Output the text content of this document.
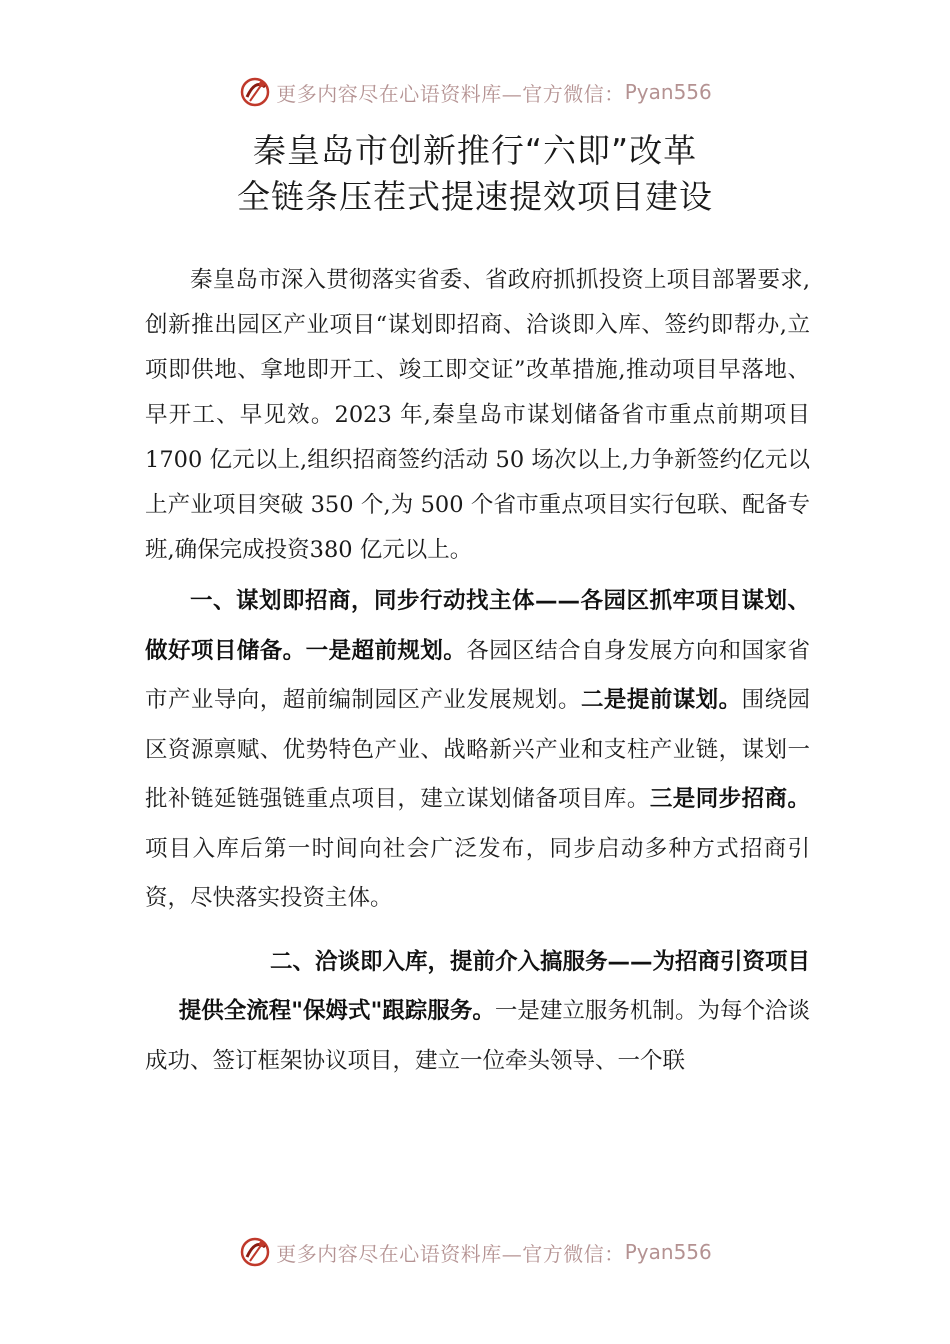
更多内容尽在心语资料库—官方微信： Pyan556
秦皇岛市创新推行“六即”改革
全链条压茬式提速提效项目建设

秦皇岛市深入贯彻落实省委、省政府抓抓投资上项目部署要求,创新推出园区产业项目“谋划即招商、洽谈即入库、签约即帮办,立项即供地、拿地即开工、竣工即交证”改革措施,推动项目早落地、早开工、早见效。2023 年,秦皇岛市谋划储备省市重点前期项目 1700 亿元以上,组织招商签约活动 50 场次以上,力争新签约亿元以上产业项目突破 350 个,为 500 个省市重点项目实行包联、配备专班,确保完成投资380 亿元以上。

一、谋划即招商，同步行动找主体——各园区抓牢项目谋划、做好项目储备。一是超前规划。各园区结合自身发展方向和国家省市产业导向，超前编制园区产业发展规划。二是提前谋划。围绕园区资源禀赋、优势特色产业、战略新兴产业和支柱产业链，谋划一批补链延链强链重点项目，建立谋划储备项目库。三是同步招商。项目入库后第一时间向社会广泛发布，同步启动多种方式招商引资，尽快落实投资主体。

二、洽谈即入库，提前介入搞服务——为招商引资项目
提供全流程"保姆式"跟踪服务。一是建立服务机制。为每个洽谈成功、签订框架协议项目，建立一位牵头领导、一个联

更多内容尽在心语资料库—官方微信： Pyan556
